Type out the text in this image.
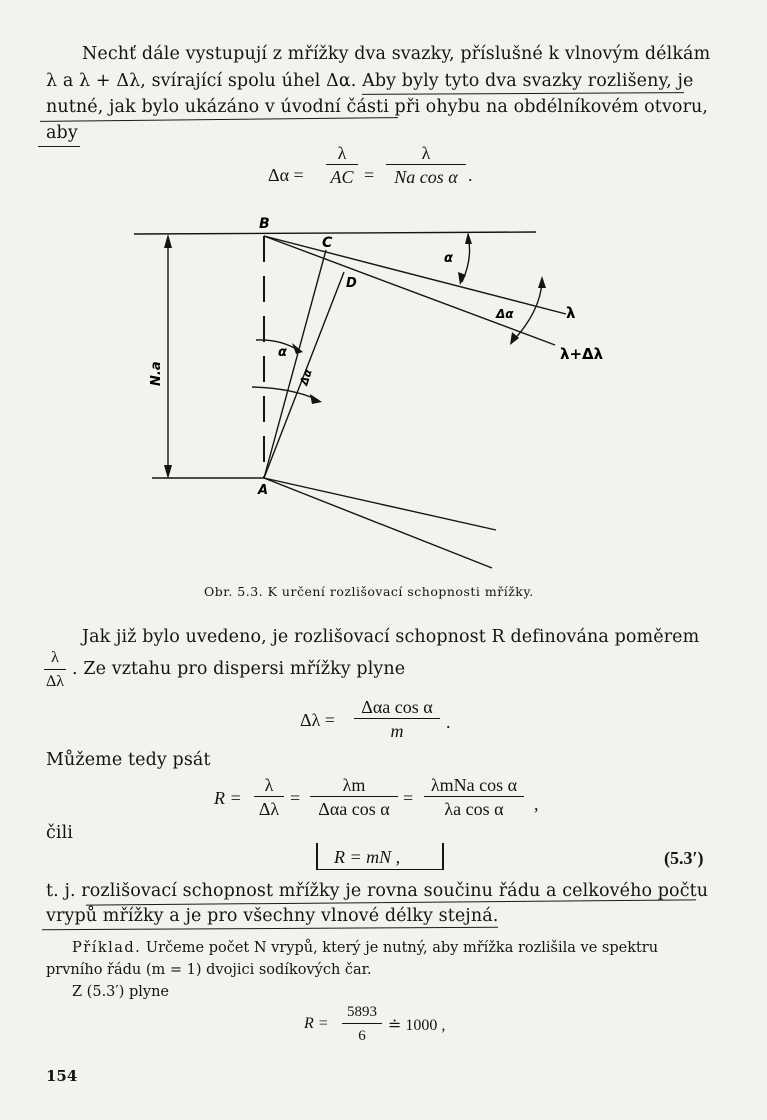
Nechť dále vystupují z mřížky dva svazky, příslušné k vlnovým délkám
λ a λ + Δλ, svírající spolu úhel Δα. Aby byly tyto dva svazky rozlišeny, je
nutné, jak bylo ukázáno v úvodní části při ohybu na obdélníkovém otvoru,
aby
Δα =
λ
AC =
λ
Na cos α .
B
C
D
A
α
Δα	λ
λ+Δλ
N.a
α
Δα
Obr. 5.3. K určení rozlišovací schopnosti mřížky.
Jak již bylo uvedeno, je rozlišovací schopnost R definována poměrem
λ
Δλ
. Ze vztahu pro dispersi mřížky plyne
Δλ =
Δαa cos α
m .
Můžeme tedy psát
R =
λ
Δλ
=
λm
Δαa cos α
=
λmNa cos α
λa cos α ,
čili
R = mN ,	(5.3′)
t. j. rozlišovací schopnost mřížky je rovna součinu řádu a celkového počtu
vrypů mřížky a je pro všechny vlnové délky stejná.
Příklad. Určeme počet N vrypů, který je nutný, aby mřížka rozlišila ve spektru
prvního řádu (m = 1) dvojici sodíkových čar.
Z (5.3′) plyne
R =
5893
6
≐ 1000 ,
154
